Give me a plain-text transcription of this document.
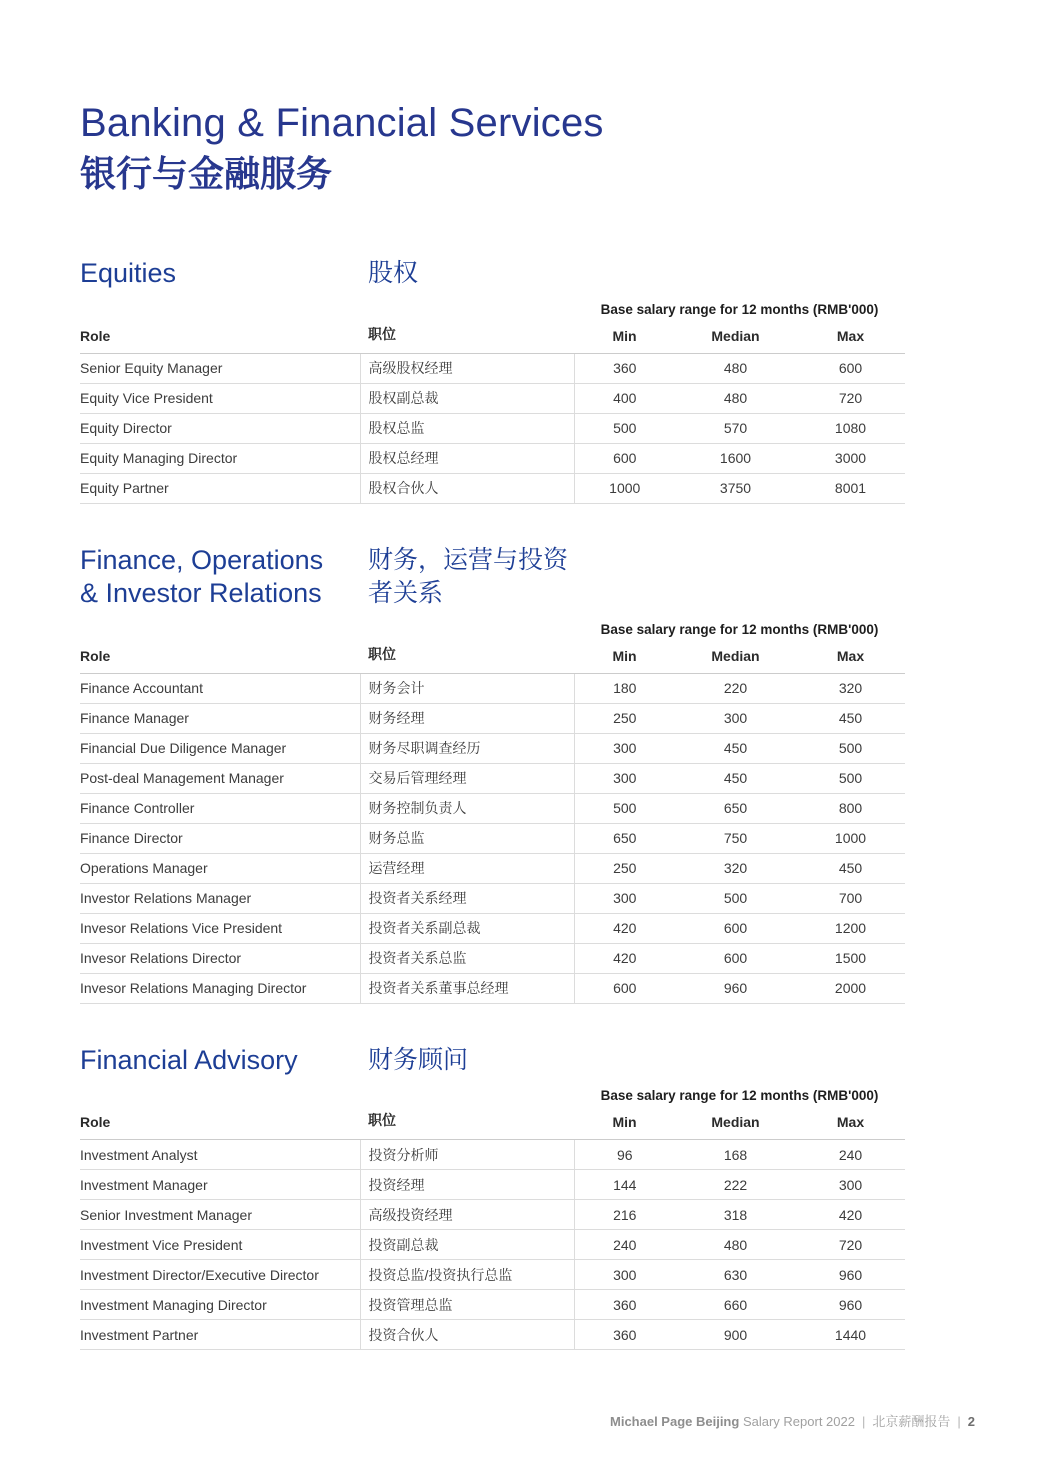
Banking & Financial Services
银行与金融服务
Equities	股权
Base salary range for 12 months (RMB'000)
Role	职位	Min	Median	Max
Senior Equity Manager	高级股权经理	360	480	600
Equity Vice President	股权副总裁	400	480	720
Equity Director	股权总监	500	570	1080
Equity Managing Director	股权总经理	600	1600	3000
Equity Partner	股权合伙人	1000	3750	8001
Finance, Operations & Investor Relations
财务，运营与投资者关系
Base salary range for 12 months (RMB'000)
Role	职位	Min	Median	Max
Finance Accountant	财务会计	180	220	320
Finance Manager	财务经理	250	300	450
Financial Due Diligence Manager	财务尽职调查经历	300	450	500
Post-deal Management Manager	交易后管理经理	300	450	500
Finance Controller	财务控制负责人	500	650	800
Finance Director	财务总监	650	750	1000
Operations Manager	运营经理	250	320	450
Investor Relations Manager	投资者关系经理	300	500	700
Invesor Relations Vice President	投资者关系副总裁	420	600	1200
Invesor Relations Director	投资者关系总监	420	600	1500
Invesor Relations Managing Director	投资者关系董事总经理	600	960	2000
Financial Advisory	财务顾问
Base salary range for 12 months (RMB'000)
Role	职位	Min	Median	Max
Investment Analyst	投资分析师	96	168	240
Investment Manager	投资经理	144	222	300
Senior Investment Manager	高级投资经理	216	318	420
Investment Vice President	投资副总裁	240	480	720
Investment Director/Executive Director	投资总监/投资执行总监	300	630	960
Investment Managing Director	投资管理总监	360	660	960
Investment Partner	投资合伙人	360	900	1440
Michael Page Beijing Salary Report 2022 | 北京薪酬报告 | 2
